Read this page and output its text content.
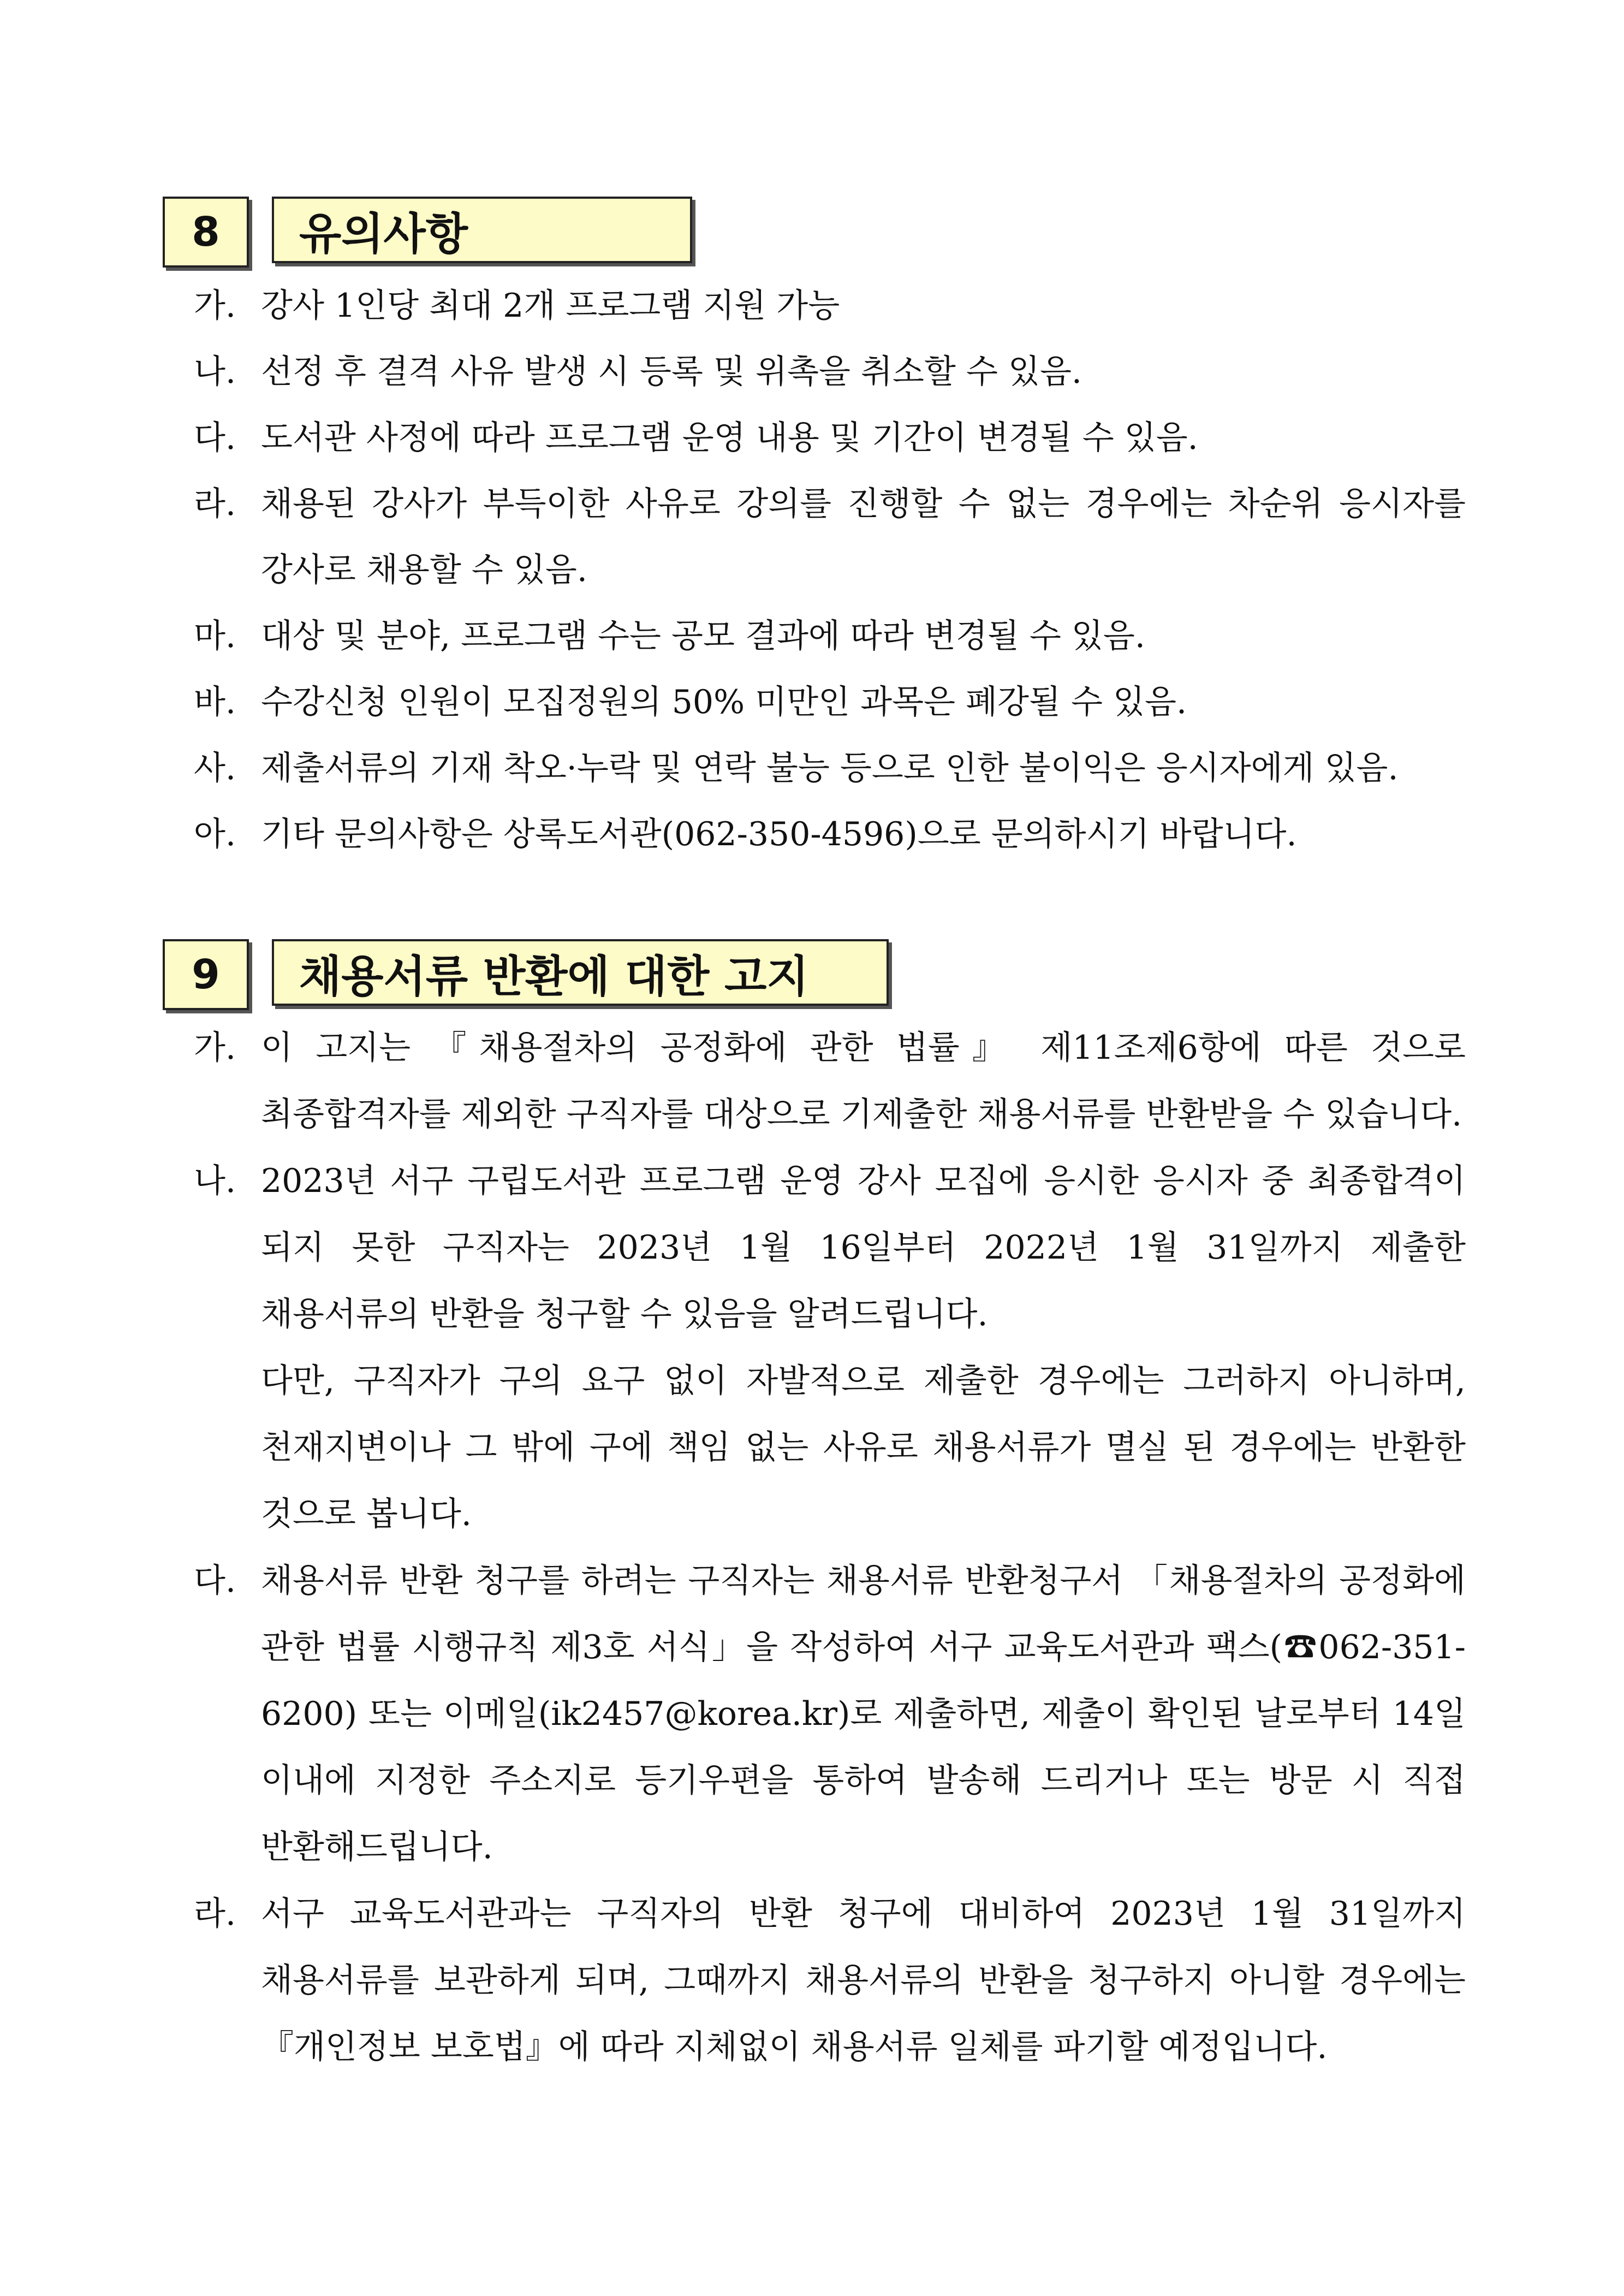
8	유의사항
가. 강사 1인당 최대 2개 프로그램 지원 가능
나. 선정 후 결격 사유 발생 시 등록 및 위촉을 취소할 수 있음.
다. 도서관 사정에 따라 프로그램 운영 내용 및 기간이 변경될 수 있음.
라. 채용된 강사가 부득이한 사유로 강의를 진행할 수 없는 경우에는 차순위 응시자를 강사로 채용할 수 있음.
마. 대상 및 분야, 프로그램 수는 공모 결과에 따라 변경될 수 있음.
바. 수강신청 인원이 모집정원의 50% 미만인 과목은 폐강될 수 있음.
사. 제출서류의 기재 착오·누락 및 연락 불능 등으로 인한 불이익은 응시자에게 있음.
아. 기타 문의사항은 상록도서관(062-350-4596)으로 문의하시기 바랍니다.
9	채용서류 반환에 대한 고지
가. 이 고지는 『채용절차의 공정화에 관한 법률』 제11조제6항에 따른 것으로 최종합격자를 제외한 구직자를 대상으로 기제출한 채용서류를 반환받을 수 있습니다.
나. 2023년 서구 구립도서관 프로그램 운영 강사 모집에 응시한 응시자 중 최종합격이 되지 못한 구직자는 2023년 1월 16일부터 2022년 1월 31일까지 제출한 채용서류의 반환을 청구할 수 있음을 알려드립니다.
다만, 구직자가 구의 요구 없이 자발적으로 제출한 경우에는 그러하지 아니하며, 천재지변이나 그 밖에 구에 책임 없는 사유로 채용서류가 멸실 된 경우에는 반환한 것으로 봅니다.
다. 채용서류 반환 청구를 하려는 구직자는 채용서류 반환청구서 「채용절차의 공정화에 관한 법률 시행규칙 제3호 서식」을 작성하여 서구 교육도서관과 팩스(☎062-351-6200) 또는 이메일(ik2457@korea.kr)로 제출하면, 제출이 확인된 날로부터 14일 이내에 지정한 주소지로 등기우편을 통하여 발송해 드리거나 또는 방문 시 직접 반환해드립니다.
라. 서구 교육도서관과는 구직자의 반환 청구에 대비하여 2023년 1월 31일까지 채용서류를 보관하게 되며, 그때까지 채용서류의 반환을 청구하지 아니할 경우에는 『개인정보 보호법』에 따라 지체없이 채용서류 일체를 파기할 예정입니다.
